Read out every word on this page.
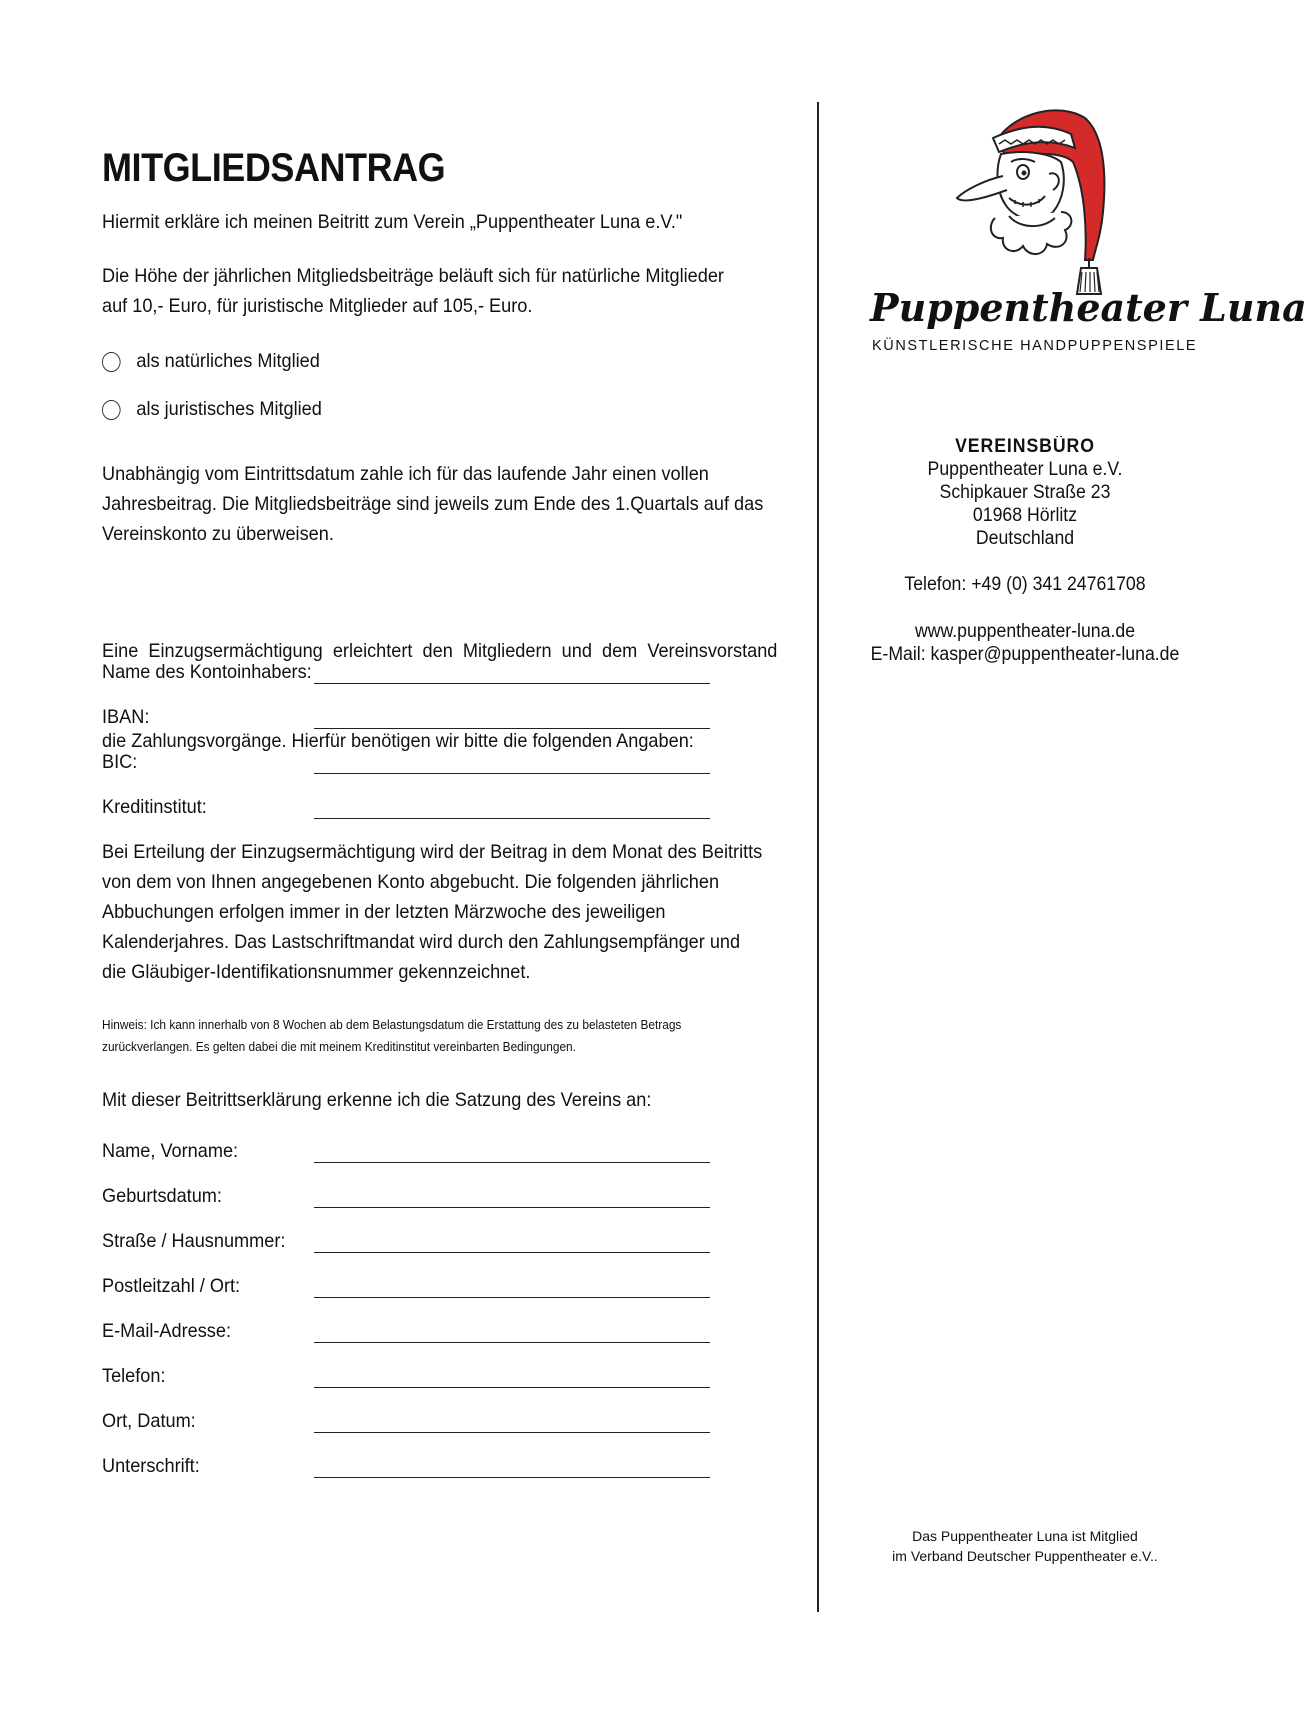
MITGLIEDSANTRAG
Hiermit erkläre ich meinen Beitritt zum Verein „Puppentheater Luna e.V."
Die Höhe der jährlichen Mitgliedsbeiträge beläuft sich für natürliche Mitglieder
auf 10,- Euro, für juristische Mitglieder auf 105,- Euro.
als natürliches Mitglied
als juristisches Mitglied
Unabhängig vom Eintrittsdatum zahle ich für das laufende Jahr einen vollen
Jahresbeitrag. Die Mitgliedsbeiträge sind jeweils zum Ende des 1.Quartals auf das
Vereinskonto zu überweisen.

Eine  Einzugsermächtigung  erleichtert  den  Mitgliedern  und  dem  Vereinsvorstand

die Zahlungsvorgänge. Hierfür benötigen wir bitte die folgenden Angaben:

Name des Kontoinhabers:
IBAN:
BIC:
Kreditinstitut:
Bei Erteilung der Einzugsermächtigung wird der Beitrag in dem Monat des Beitritts
von dem von Ihnen angegebenen Konto abgebucht. Die folgenden jährlichen
Abbuchungen erfolgen immer in der letzten Märzwoche des jeweiligen
Kalenderjahres. Das Lastschriftmandat wird durch den Zahlungsempfänger und
die Gläubiger-Identifikationsnummer gekennzeichnet.
Hinweis: Ich kann innerhalb von 8 Wochen ab dem Belastungsdatum die Erstattung des zu belasteten Betrags
zurückverlangen. Es gelten dabei die mit meinem Kreditinstitut vereinbarten Bedingungen.
Mit dieser Beitrittserklärung erkenne ich die Satzung des Vereins an:
Name, Vorname:
Geburtsdatum:
Straße / Hausnummer:
Postleitzahl / Ort:
E-Mail-Adresse:
Telefon:
Ort, Datum:
Unterschrift:
Puppentheater Luna
KÜNSTLERISCHE HANDPUPPENSPIELE
VEREINSBÜRO
Puppentheater Luna e.V.
Schipkauer Straße 23
01968 Hörlitz
Deutschland
Telefon: +49 (0) 341 24761708
www.puppentheater-luna.de
E-Mail: kasper@puppentheater-luna.de
Das Puppentheater Luna ist Mitglied
im Verband Deutscher Puppentheater e.V..
